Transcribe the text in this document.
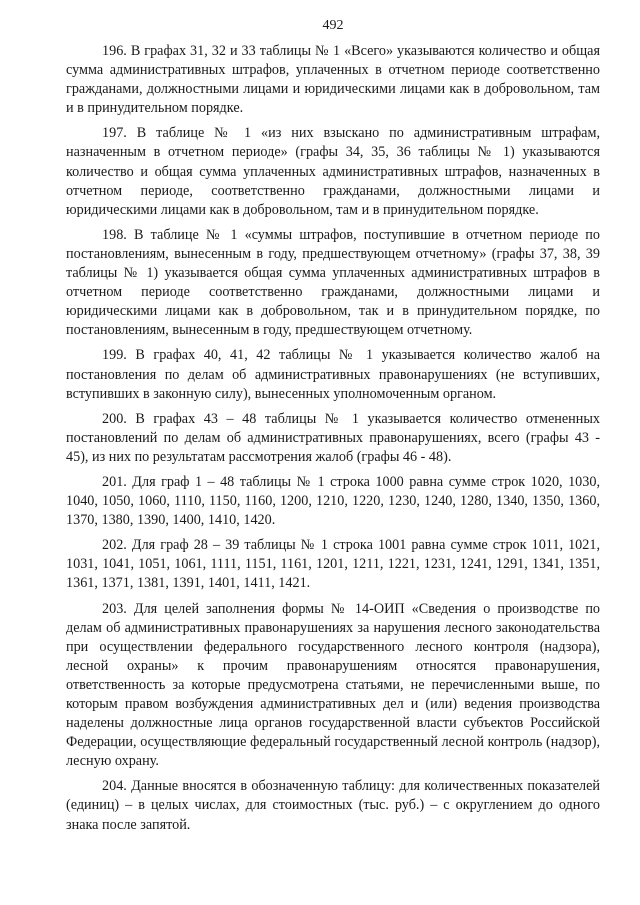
492

196. В графах 31, 32 и 33 таблицы № 1 «Всего» указываются количество и общая сумма административных штрафов, уплаченных в отчетном периоде соответственно гражданами, должностными лицами и юридическими лицами как в добровольном, там и в принудительном порядке.

197. В таблице № 1 «из них взыскано по административным штрафам, назначенным в отчетном периоде» (графы 34, 35, 36 таблицы № 1) указываются количество и общая сумма уплаченных административных штрафов, назначенных в отчетном периоде, соответственно гражданами, должностными лицами и юридическими лицами как в добровольном, там и в принудительном порядке.

198. В таблице № 1 «суммы штрафов, поступившие в отчетном периоде по постановлениям, вынесенным в году, предшествующем отчетному» (графы 37, 38, 39 таблицы № 1) указывается общая сумма уплаченных административных штрафов в отчетном периоде соответственно гражданами, должностными лицами и юридическими лицами как в добровольном, так и в принудительном порядке, по постановлениям, вынесенным в году, предшествующем отчетному.

199. В графах 40, 41, 42 таблицы № 1 указывается количество жалоб на постановления по делам об административных правонарушениях (не вступивших, вступивших в законную силу), вынесенных уполномоченным органом.

200. В графах 43 – 48 таблицы № 1 указывается количество отмененных постановлений по делам об административных правонарушениях, всего (графы 43 - 45), из них по результатам рассмотрения жалоб (графы 46 - 48).

201. Для граф 1 – 48 таблицы № 1 строка 1000 равна сумме строк 1020, 1030, 1040, 1050, 1060, 1110, 1150, 1160, 1200, 1210, 1220, 1230, 1240, 1280, 1340, 1350, 1360, 1370, 1380, 1390, 1400, 1410, 1420.

202. Для граф 28 – 39 таблицы № 1 строка 1001 равна сумме строк 1011, 1021, 1031, 1041, 1051, 1061, 1111, 1151, 1161, 1201, 1211, 1221, 1231, 1241, 1291, 1341, 1351, 1361, 1371, 1381, 1391, 1401, 1411, 1421.

203. Для целей заполнения формы № 14-ОИП «Сведения о производстве по делам об административных правонарушениях за нарушения лесного законодательства при осуществлении федерального государственного лесного контроля (надзора), лесной охраны» к прочим правонарушениям относятся правонарушения, ответственность за которые предусмотрена статьями, не перечисленными выше, по которым правом возбуждения административных дел и (или) ведения производства наделены должностные лица органов государственной власти субъектов Российской Федерации, осуществляющие федеральный государственный лесной контроль (надзор), лесную охрану.

204. Данные вносятся в обозначенную таблицу: для количественных показателей (единиц) – в целых числах, для стоимостных (тыс. руб.) – с округлением до одного знака после запятой.
